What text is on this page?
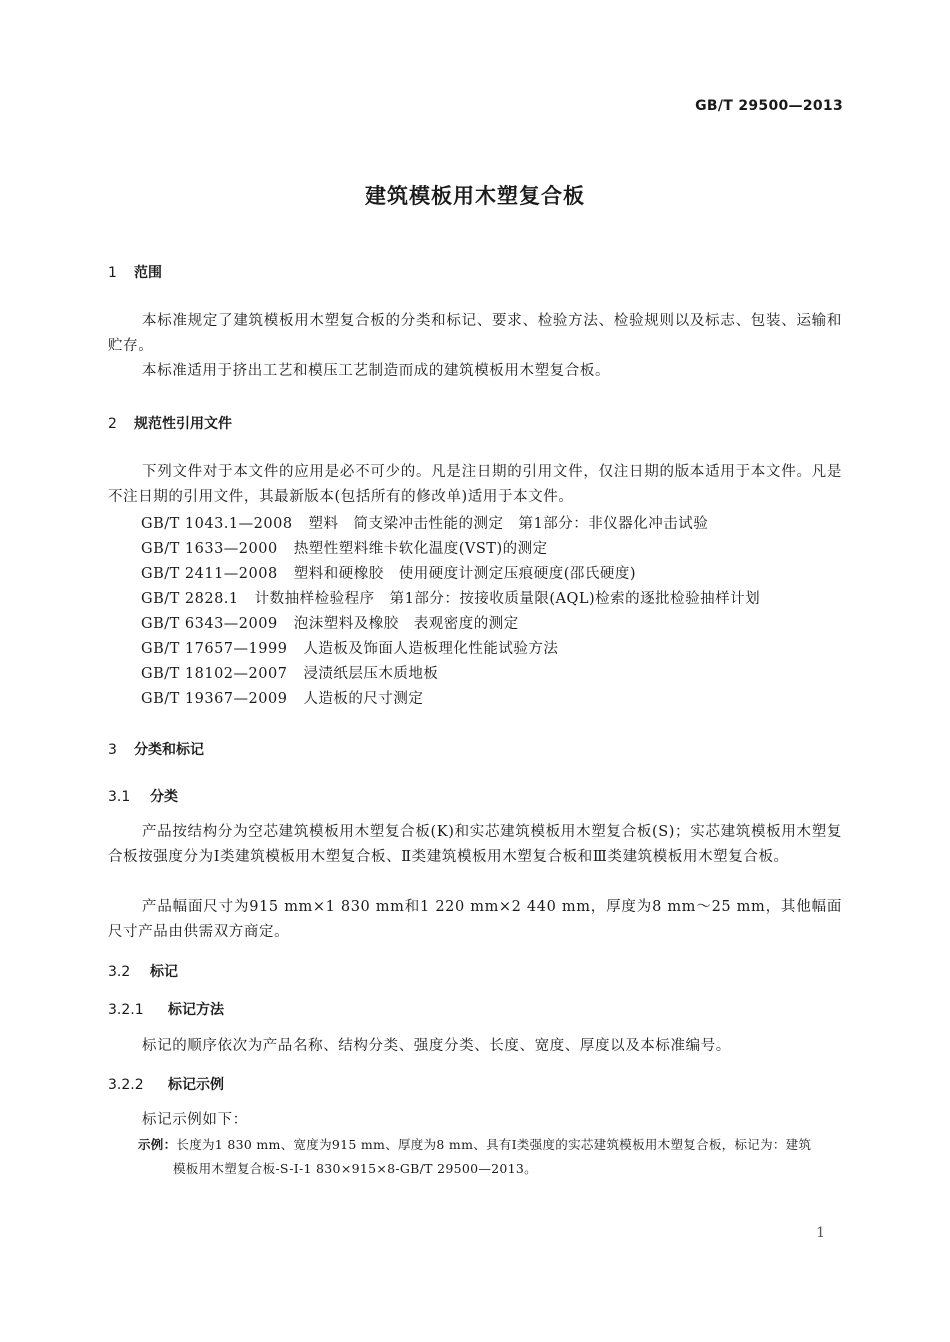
GB/T 29500—2013
建筑模板用木塑复合板
1 范围
本标准规定了建筑模板用木塑复合板的分类和标记、要求、检验方法、检验规则以及标志、包装、运输和贮存。
本标准适用于挤出工艺和模压工艺制造而成的建筑模板用木塑复合板。
2 规范性引用文件
下列文件对于本文件的应用是必不可少的。凡是注日期的引用文件，仅注日期的版本适用于本文件。凡是不注日期的引用文件，其最新版本(包括所有的修改单)适用于本文件。
GB/T 1043.1—2008 塑料　简支梁冲击性能的测定　第1部分：非仪器化冲击试验
GB/T 1633—2000 热塑性塑料维卡软化温度(VST)的测定
GB/T 2411—2008 塑料和硬橡胶　使用硬度计测定压痕硬度(邵氏硬度)
GB/T 2828.1 计数抽样检验程序　第1部分：按接收质量限(AQL)检索的逐批检验抽样计划
GB/T 6343—2009 泡沫塑料及橡胶　表观密度的测定
GB/T 17657—1999 人造板及饰面人造板理化性能试验方法
GB/T 18102—2007 浸渍纸层压木质地板
GB/T 19367—2009 人造板的尺寸测定
3 分类和标记
3.1 分类
产品按结构分为空芯建筑模板用木塑复合板(K)和实芯建筑模板用木塑复合板(S)；实芯建筑模板用木塑复合板按强度分为Ⅰ类建筑模板用木塑复合板、Ⅱ类建筑模板用木塑复合板和Ⅲ类建筑模板用木塑复合板。
产品幅面尺寸为915 mm×1 830 mm和1 220 mm×2 440 mm，厚度为8 mm～25 mm，其他幅面尺寸产品由供需双方商定。
3.2 标记
3.2.1 标记方法
标记的顺序依次为产品名称、结构分类、强度分类、长度、宽度、厚度以及本标准编号。
3.2.2 标记示例
标记示例如下：
示例：长度为1 830 mm、宽度为915 mm、厚度为8 mm、具有Ⅰ类强度的实芯建筑模板用木塑复合板，标记为：建筑
模板用木塑复合板-S-Ⅰ-1 830×915×8-GB/T 29500—2013。
1
